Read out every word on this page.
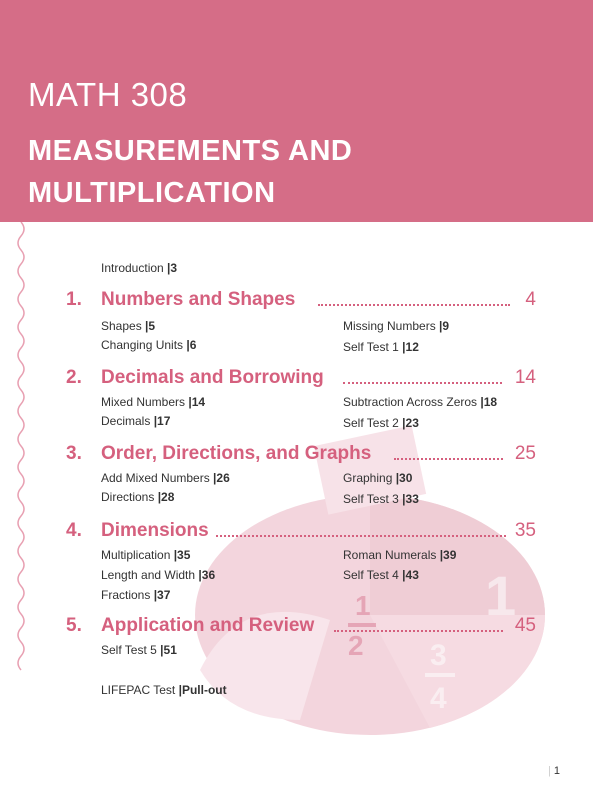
MATH 308
MEASUREMENTS AND MULTIPLICATION
1
3
4
1
2
Introduction |3
1. Numbers and Shapes	4
Shapes |5
Changing Units |6
Missing Numbers |9
Self Test 1 |12
2. Decimals and Borrowing	14
Mixed Numbers |14
Decimals |17
Subtraction Across Zeros |18
Self Test 2 |23
3. Order, Directions, and Graphs	25
Add Mixed Numbers |26
Directions |28
Graphing |30
Self Test 3 |33
4. Dimensions	35
Multiplication |35
Length and Width |36
Fractions |37
Roman Numerals |39
Self Test 4 |43
5. Application and Review	45
Self Test 5 |51
LIFEPAC Test |Pull-out
| 1
